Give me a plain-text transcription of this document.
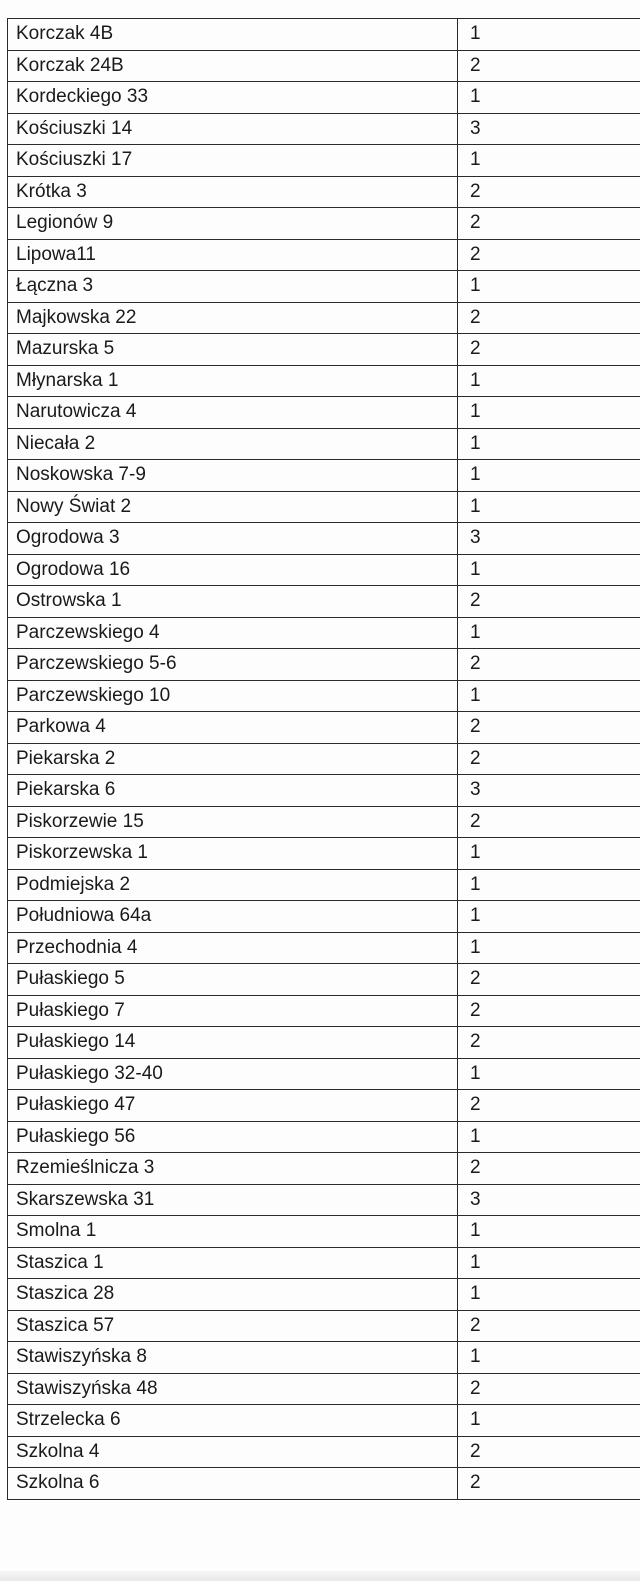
Korczak 4B	1
Korczak 24B	2
Kordeckiego 33	1
Kościuszki 14	3
Kościuszki 17	1
Krótka 3	2
Legionów 9	2
Lipowa11	2
Łączna 3	1
Majkowska 22	2
Mazurska 5	2
Młynarska 1	1
Narutowicza 4	1
Niecała 2	1
Noskowska 7-9	1
Nowy Świat 2	1
Ogrodowa 3	3
Ogrodowa 16	1
Ostrowska 1	2
Parczewskiego 4	1
Parczewskiego 5-6	2
Parczewskiego 10	1
Parkowa 4	2
Piekarska 2	2
Piekarska 6	3
Piskorzewie 15	2
Piskorzewska 1	1
Podmiejska 2	1
Południowa 64a	1
Przechodnia 4	1
Pułaskiego 5	2
Pułaskiego 7	2
Pułaskiego 14	2
Pułaskiego 32-40	1
Pułaskiego 47	2
Pułaskiego 56	1
Rzemieślnicza 3	2
Skarszewska 31	3
Smolna 1	1
Staszica 1	1
Staszica 28	1
Staszica 57	2
Stawiszyńska 8	1
Stawiszyńska 48	2
Strzelecka 6	1
Szkolna 4	2
Szkolna 6	2
